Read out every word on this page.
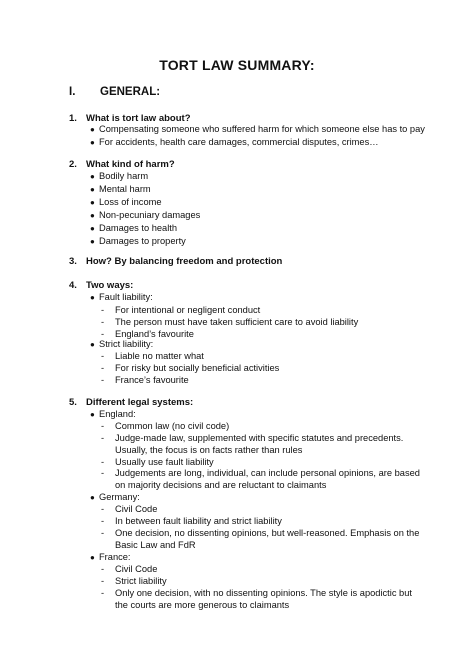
TORT LAW SUMMARY:
I. GENERAL:
1. What is tort law about?
● Compensating someone who suffered harm for which someone else has to pay
● For accidents, health care damages, commercial disputes, crimes…
2. What kind of harm?
● Bodily harm
● Mental harm
● Loss of income
● Non-pecuniary damages
● Damages to health
● Damages to property
3. How? By balancing freedom and protection
4. Two ways:
● Fault liability:
- For intentional or negligent conduct
- The person must have taken sufficient care to avoid liability
- England’s favourite
● Strict liability:
- Liable no matter what
- For risky but socially beneficial activities
- France’s favourite
5. Different legal systems:
● England:
- Common law (no civil code)
- Judge-made law, supplemented with specific statutes and precedents. Usually, the focus is on facts rather than rules
- Usually use fault liability
- Judgements are long, individual, can include personal opinions, are based on majority decisions and are reluctant to claimants
● Germany:
- Civil Code
- In between fault liability and strict liability
- One decision, no dissenting opinions, but well-reasoned. Emphasis on the Basic Law and FdR
● France:
- Civil Code
- Strict liability
- Only one decision, with no dissenting opinions. The style is apodictic but the courts are more generous to claimants
